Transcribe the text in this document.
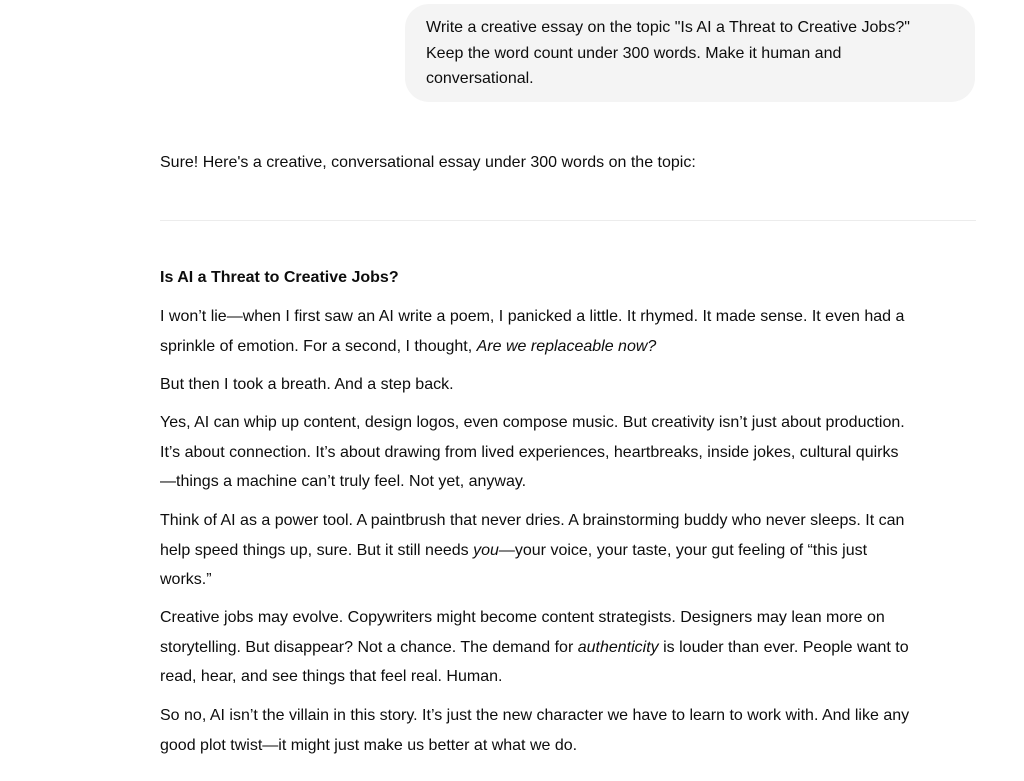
Write a creative essay on the topic "Is AI a Threat to Creative Jobs?"
Keep the word count under 300 words. Make it human and
conversational.

Sure! Here's a creative, conversational essay under 300 words on the topic:

Is AI a Threat to Creative Jobs?

I won’t lie—when I first saw an AI write a poem, I panicked a little. It rhymed. It made sense. It even had a
sprinkle of emotion. For a second, I thought, Are we replaceable now?

But then I took a breath. And a step back.

Yes, AI can whip up content, design logos, even compose music. But creativity isn’t just about production.
It’s about connection. It’s about drawing from lived experiences, heartbreaks, inside jokes, cultural quirks
—things a machine can’t truly feel. Not yet, anyway.

Think of AI as a power tool. A paintbrush that never dries. A brainstorming buddy who never sleeps. It can
help speed things up, sure. But it still needs you—your voice, your taste, your gut feeling of “this just
works.”

Creative jobs may evolve. Copywriters might become content strategists. Designers may lean more on
storytelling. But disappear? Not a chance. The demand for authenticity is louder than ever. People want to
read, hear, and see things that feel real. Human.

So no, AI isn’t the villain in this story. It’s just the new character we have to learn to work with. And like any
good plot twist—it might just make us better at what we do.
